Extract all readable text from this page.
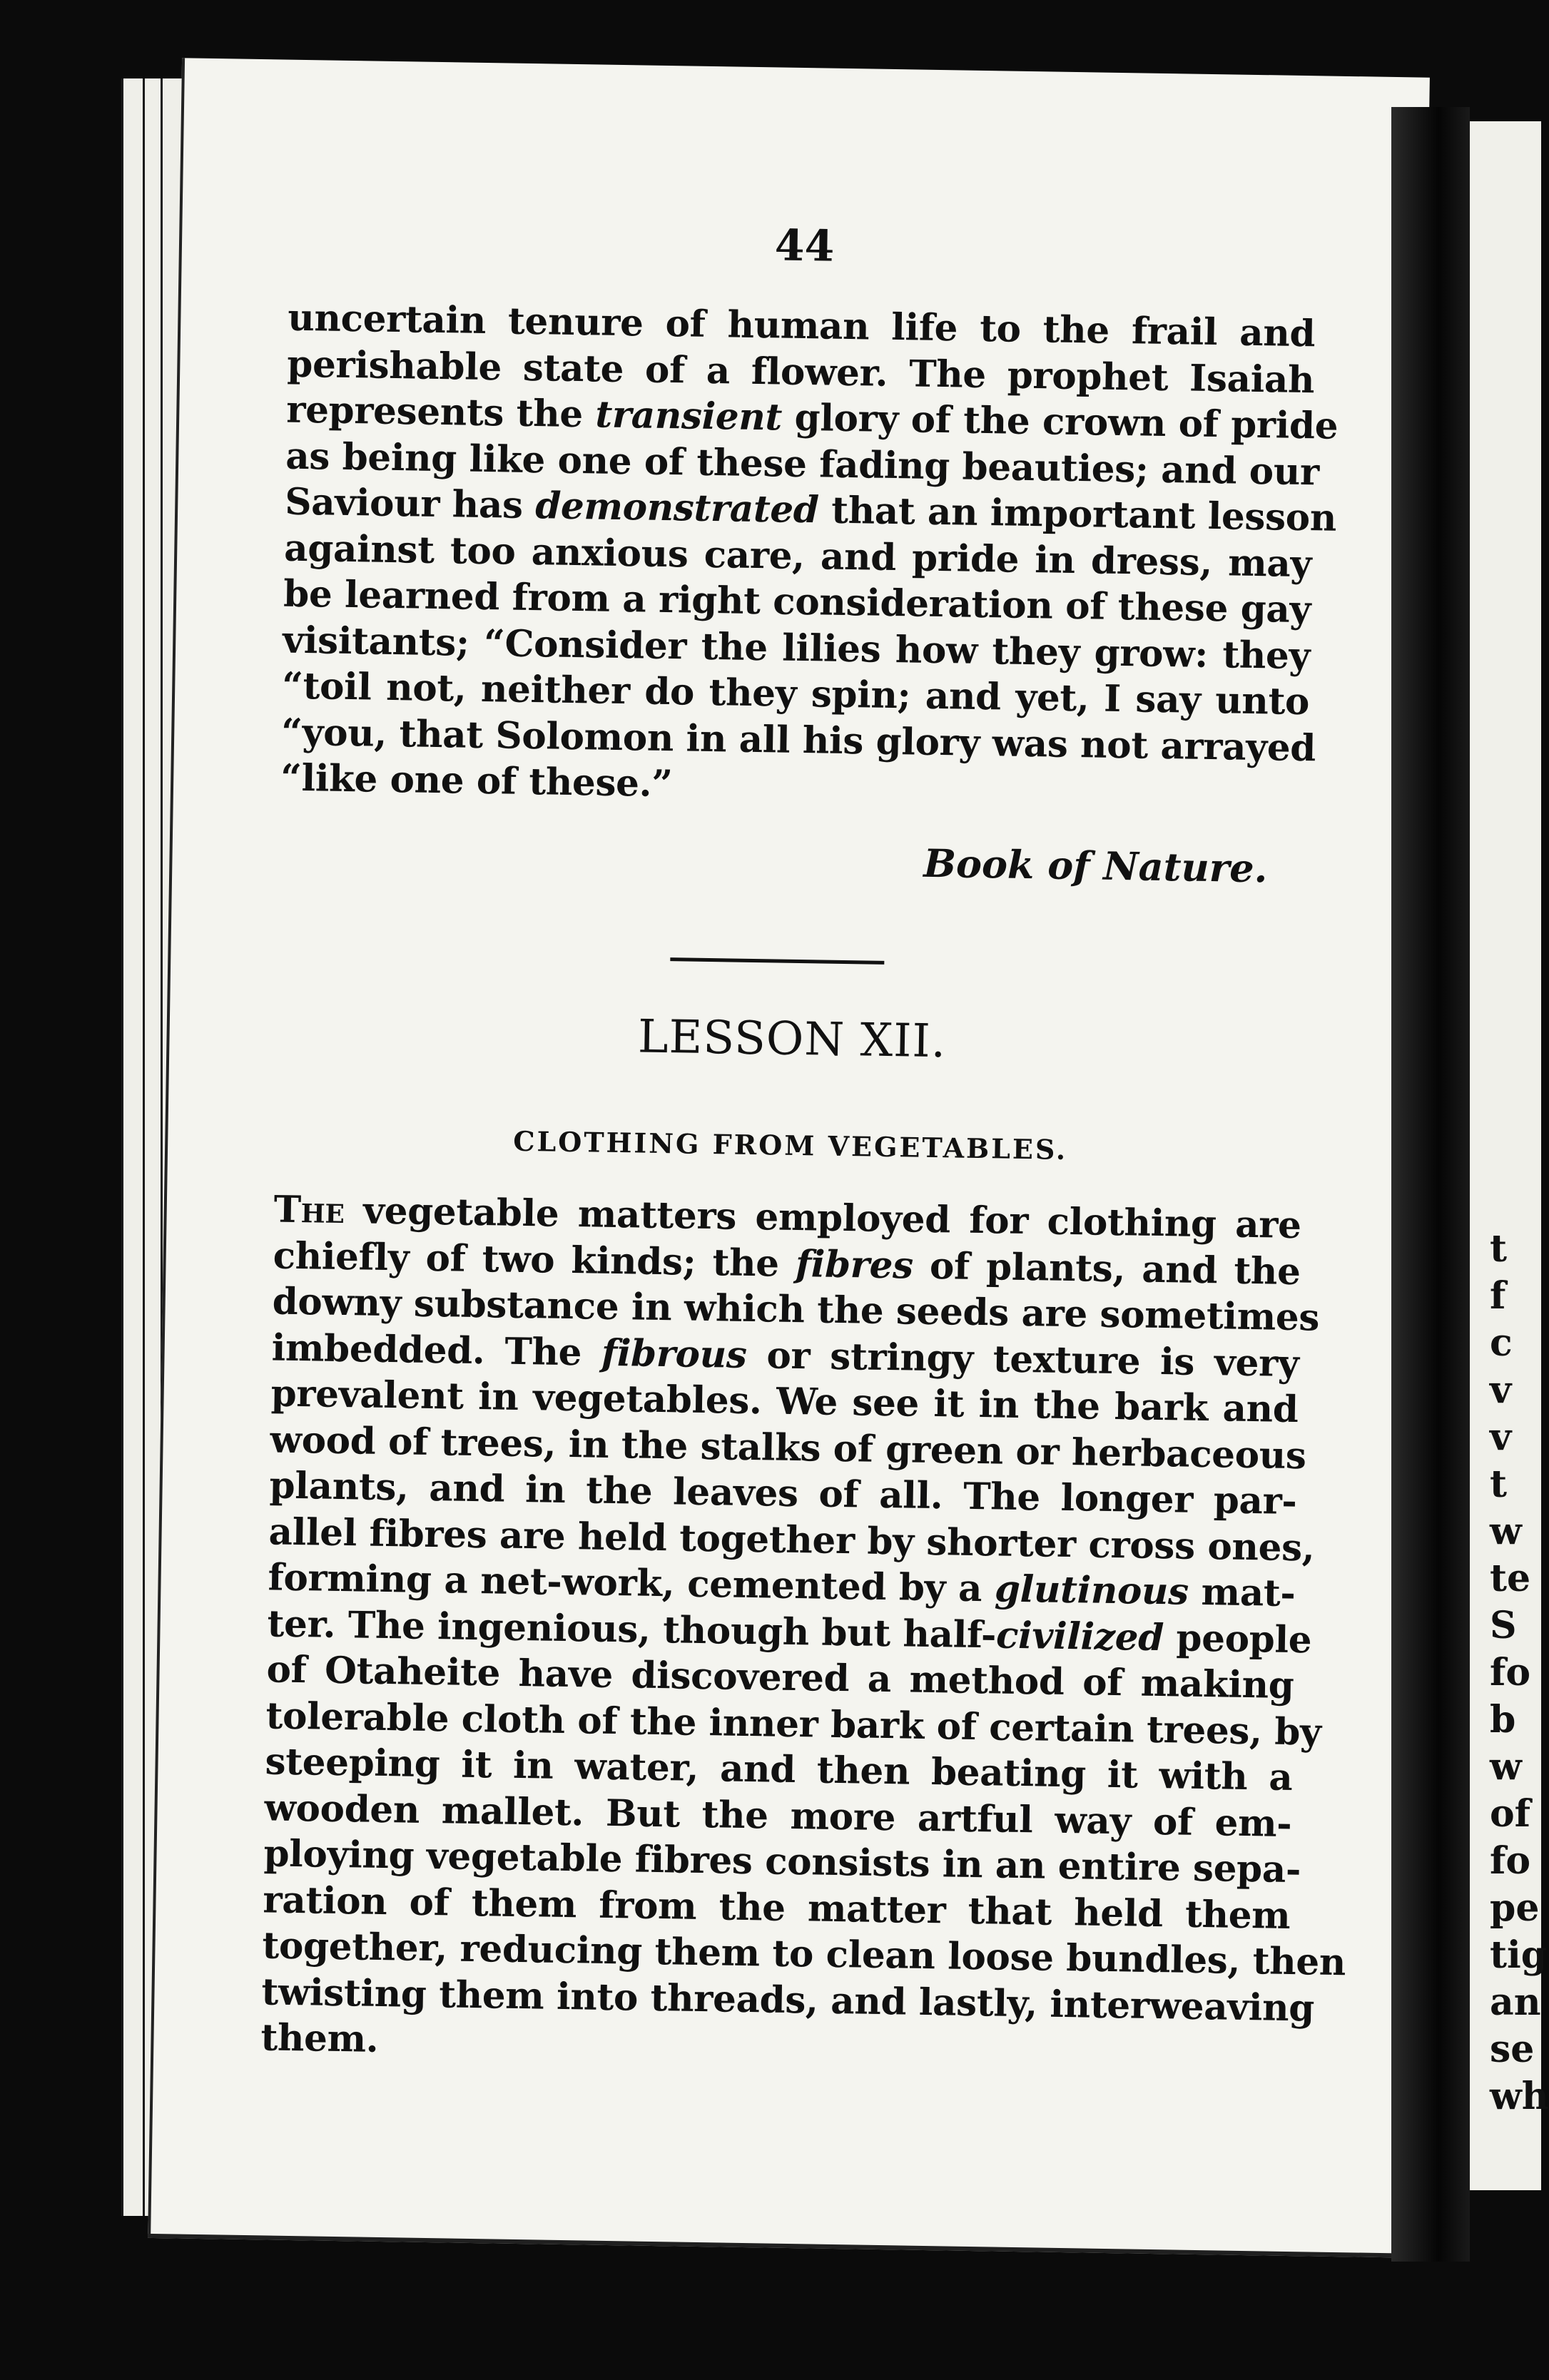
44
uncertain tenure of human life to the frail and
perishable state of a flower. The prophet Isaiah
represents the transient glory of the crown of pride
as being like one of these fading beauties; and our
Saviour has demonstrated that an important lesson
against too anxious care, and pride in dress, may
be learned from a right consideration of these gay
visitants; “Consider the lilies how they grow: they
“toil not, neither do they spin; and yet, I say unto
“you, that Solomon in all his glory was not arrayed
“like one of these.”
Book of Nature.
LESSON XII.
CLOTHING FROM VEGETABLES.
The vegetable matters employed for clothing are
chiefly of two kinds; the fibres of plants, and the
downy substance in which the seeds are sometimes
imbedded. The fibrous or stringy texture is very
prevalent in vegetables. We see it in the bark and
wood of trees, in the stalks of green or herbaceous
plants, and in the leaves of all. The longer par-
allel fibres are held together by shorter cross ones,
forming a net-work, cemented by a glutinous mat-
ter. The ingenious, though but half-civilized people
of Otaheite have discovered a method of making
tolerable cloth of the inner bark of certain trees, by
steeping it in water, and then beating it with a
wooden mallet. But the more artful way of em-
ploying vegetable fibres consists in an entire sepa-
ration of them from the matter that held them
together, reducing them to clean loose bundles, then
twisting them into threads, and lastly, interweaving
them.
t
f
c
v
v
t
w
te
S
fo
b
w
of
fo
pe
tig
an
se
wh
